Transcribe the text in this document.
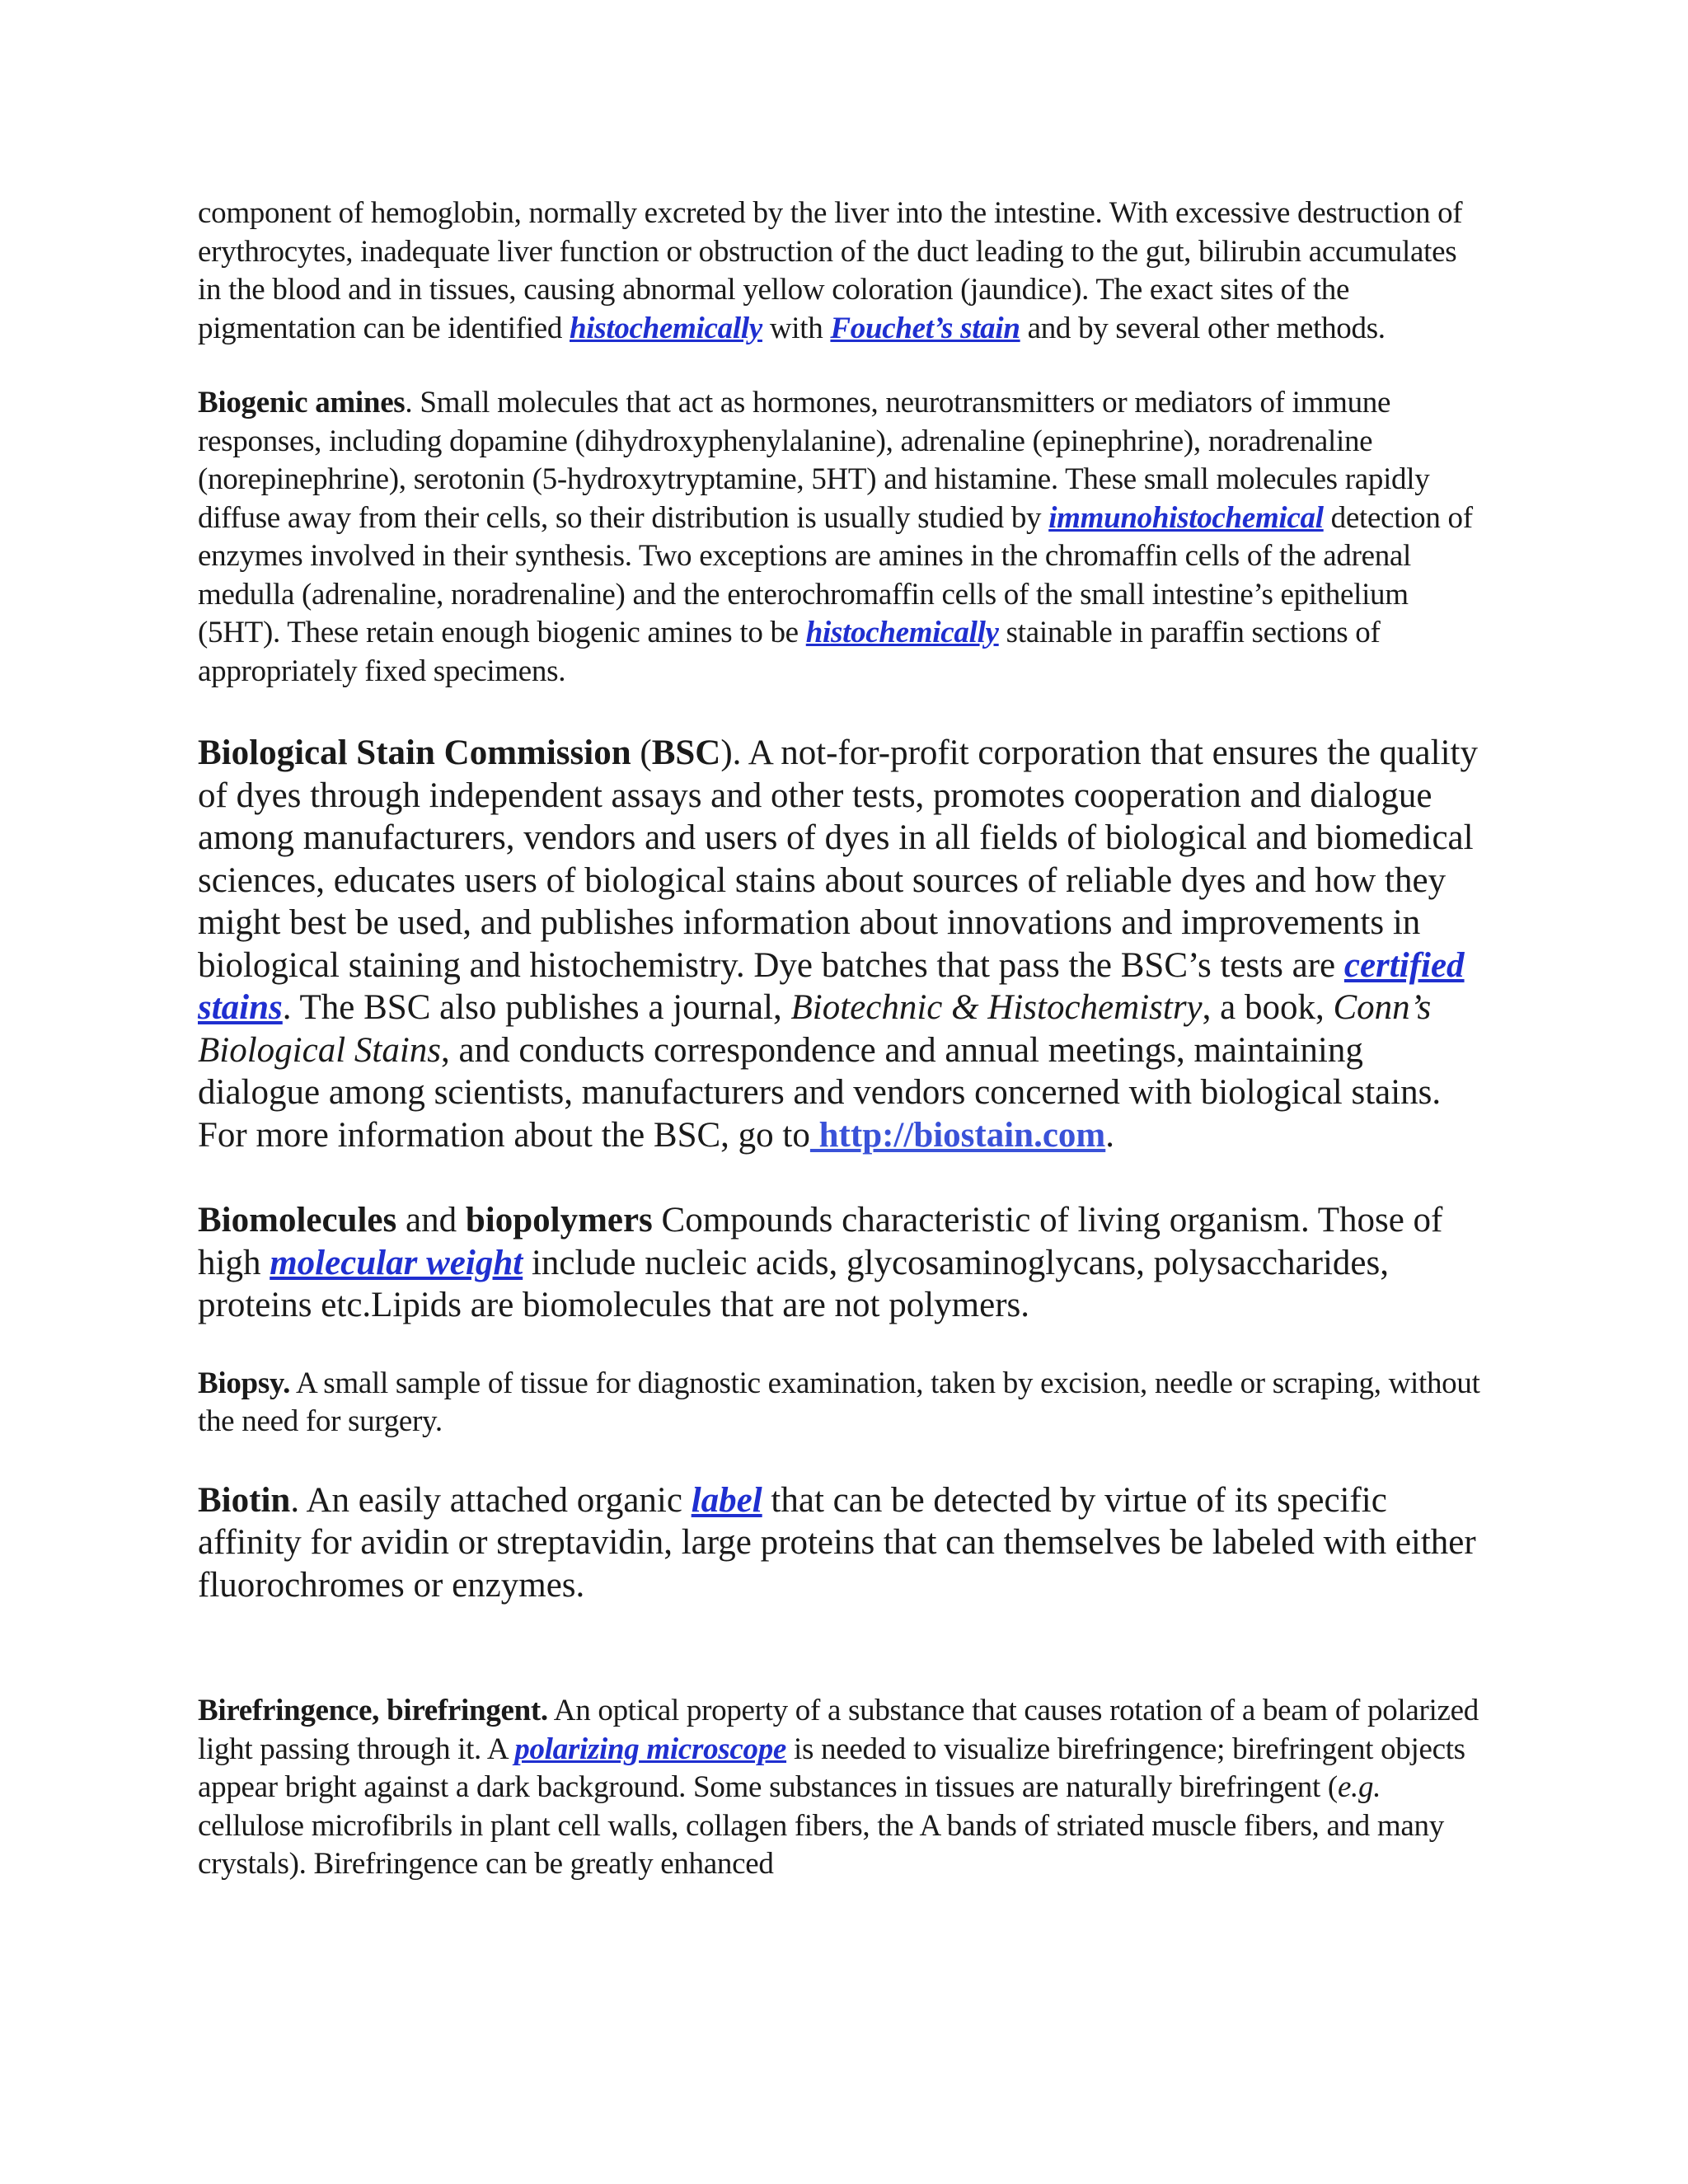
component of hemoglobin, normally excreted by the liver into the intestine. With excessive destruction of erythrocytes, inadequate liver function or obstruction of the duct leading to the gut, bilirubin accumulates in the blood and in tissues, causing abnormal yellow coloration (jaundice). The exact sites of the pigmentation can be identified histochemically with Fouchet’s stain and by several other methods.

Biogenic amines. Small molecules that act as hormones, neurotransmitters or mediators of immune responses, including dopamine (dihydroxyphenylalanine), adrenaline (epinephrine), noradrenaline (norepinephrine), serotonin (5-hydroxytryptamine, 5HT) and histamine. These small molecules rapidly diffuse away from their cells, so their distribution is usually studied by immunohistochemical detection of enzymes involved in their synthesis. Two exceptions are amines in the chromaffin cells of the adrenal medulla (adrenaline, noradrenaline) and the enterochromaffin cells of the small intestine’s epithelium (5HT). These retain enough biogenic amines to be histochemically stainable in paraffin sections of appropriately fixed specimens.

Biological Stain Commission (BSC). A not-for-profit corporation that ensures the quality of dyes through independent assays and other tests, promotes cooperation and dialogue among manufacturers, vendors and users of dyes in all fields of biological and biomedical sciences, educates users of biological stains about sources of reliable dyes and how they might best be used, and publishes information about innovations and improvements in biological staining and histochemistry. Dye batches that pass the BSC’s tests are certified stains. The BSC also publishes a journal, Biotechnic & Histochemistry, a book, Conn’s Biological Stains, and conducts correspondence and annual meetings, maintaining dialogue among scientists, manufacturers and vendors concerned with biological stains. For more information about the BSC, go to http://biostain.com.

Biomolecules and biopolymers Compounds characteristic of living organism. Those of high molecular weight include nucleic acids, glycosaminoglycans, polysaccharides, proteins etc.Lipids are biomolecules that are not polymers.

Biopsy. A small sample of tissue for diagnostic examination, taken by excision, needle or scraping, without the need for surgery.

Biotin. An easily attached organic label that can be detected by virtue of its specific affinity for avidin or streptavidin, large proteins that can themselves be labeled with either fluorochromes or enzymes.

Birefringence, birefringent. An optical property of a substance that causes rotation of a beam of polarized light passing through it. A polarizing microscope is needed to visualize birefringence; birefringent objects appear bright against a dark background. Some substances in tissues are naturally birefringent (e.g. cellulose microfibrils in plant cell walls, collagen fibers, the A bands of striated muscle fibers, and many crystals). Birefringence can be greatly enhanced
